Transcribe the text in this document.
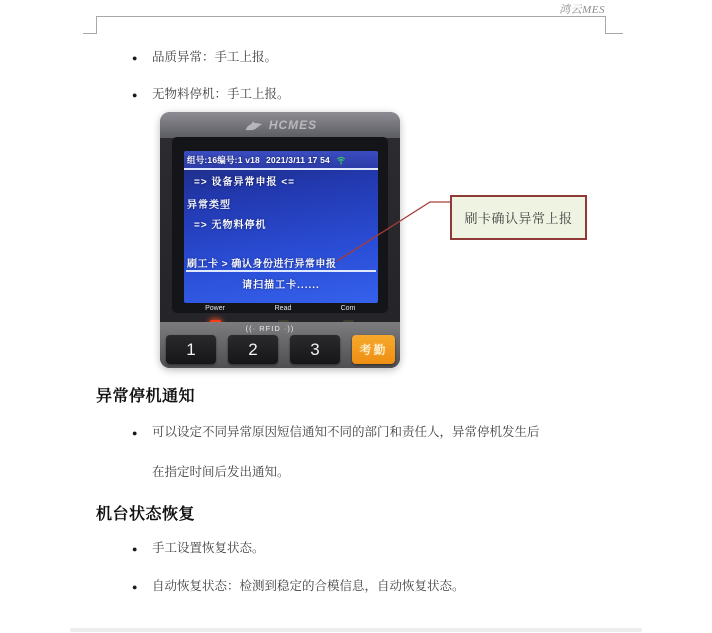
鸿云MES
● 品质异常：手工上报。
● 无物料停机：手工上报。
HCMES
组号:16编号:1 v18 2021/3/11 17 54
=> 设备异常申报 <=
异常类型
=> 无物料停机
刷工卡 > 确认身份进行异常申报
请扫描工卡......
Power	Read	Com
((· RFID ·))
1	2	3	考勤
刷卡确认异常上报
异常停机通知
● 可以设定不同异常原因短信通知不同的部门和责任人，异常停机发生后
在指定时间后发出通知。
机台状态恢复
● 手工设置恢复状态。
● 自动恢复状态：检测到稳定的合模信息，自动恢复状态。
